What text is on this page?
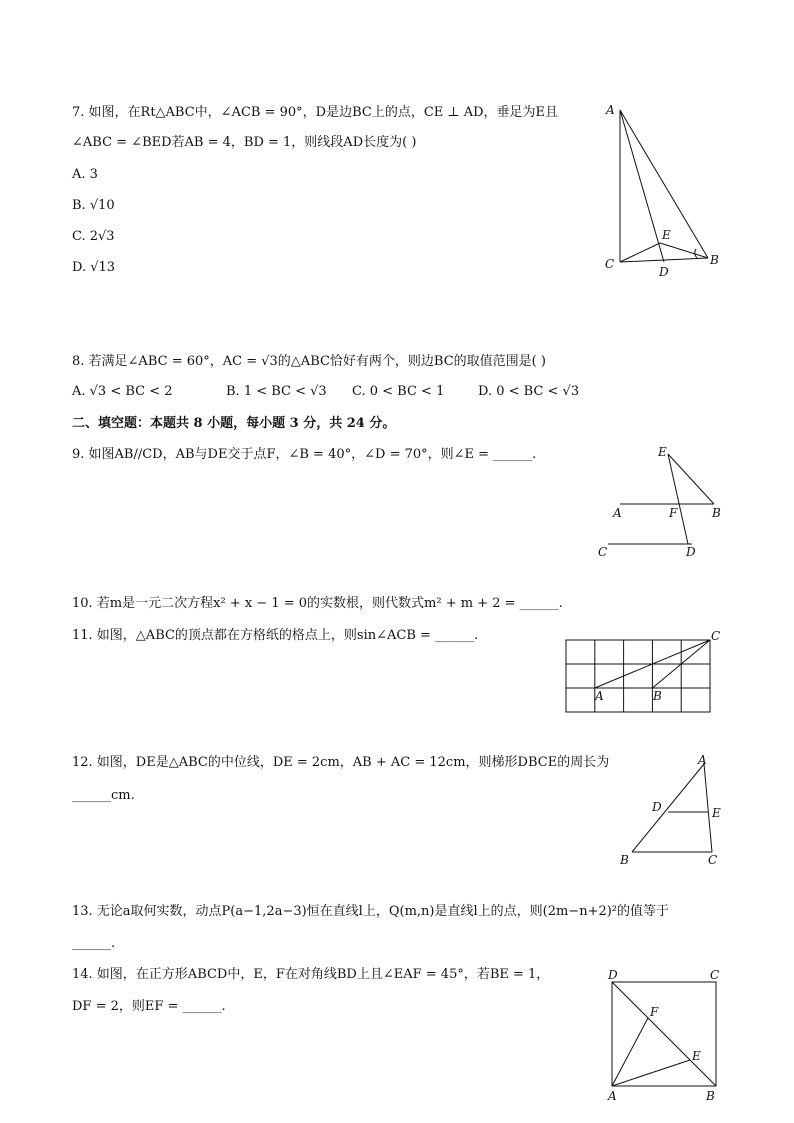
7. 如图，在Rt△ABC中，∠ACB = 90°，D是边BC上的点，CE ⊥ AD，垂足为E且
∠ABC = ∠BED若AB = 4，BD = 1，则线段AD长度为( )
A. 3
B. √10
C. 2√3
D. √13
A
C
D
E
B
8. 若满足∠ABC = 60°，AC = √3的△ABC恰好有两个，则边BC的取值范围是( )
A. √3 < BC < 2	B. 1 < BC < √3 C. 0 < BC < 1	D. 0 < BC < √3
二、填空题：本题共 8 小题，每小题 3 分，共 24 分。
9. 如图AB//CD，AB与DE交于点F，∠B = 40°，∠D = 70°，则∠E = ______.	E
A	F	B
C	D
10. 若m是一元二次方程x² + x − 1 = 0的实数根，则代数式m² + m + 2 = ______.
11. 如图，△ABC的顶点都在方格纸的格点上，则sin∠ACB = ______.
A	B
C
12. 如图，DE是△ABC的中位线，DE = 2cm，AB + AC = 12cm，则梯形DBCE的周长为
______cm.
A
D	E
B	C
13. 无论a取何实数，动点P(a−1,2a−3)恒在直线l上，Q(m,n)是直线l上的点，则(2m−n+2)²的值等于
______.
14. 如图，在正方形ABCD中，E，F在对角线BD上且∠EAF = 45°，若BE = 1，
DF = 2，则EF = ______.
D	C
F
E
A	B
